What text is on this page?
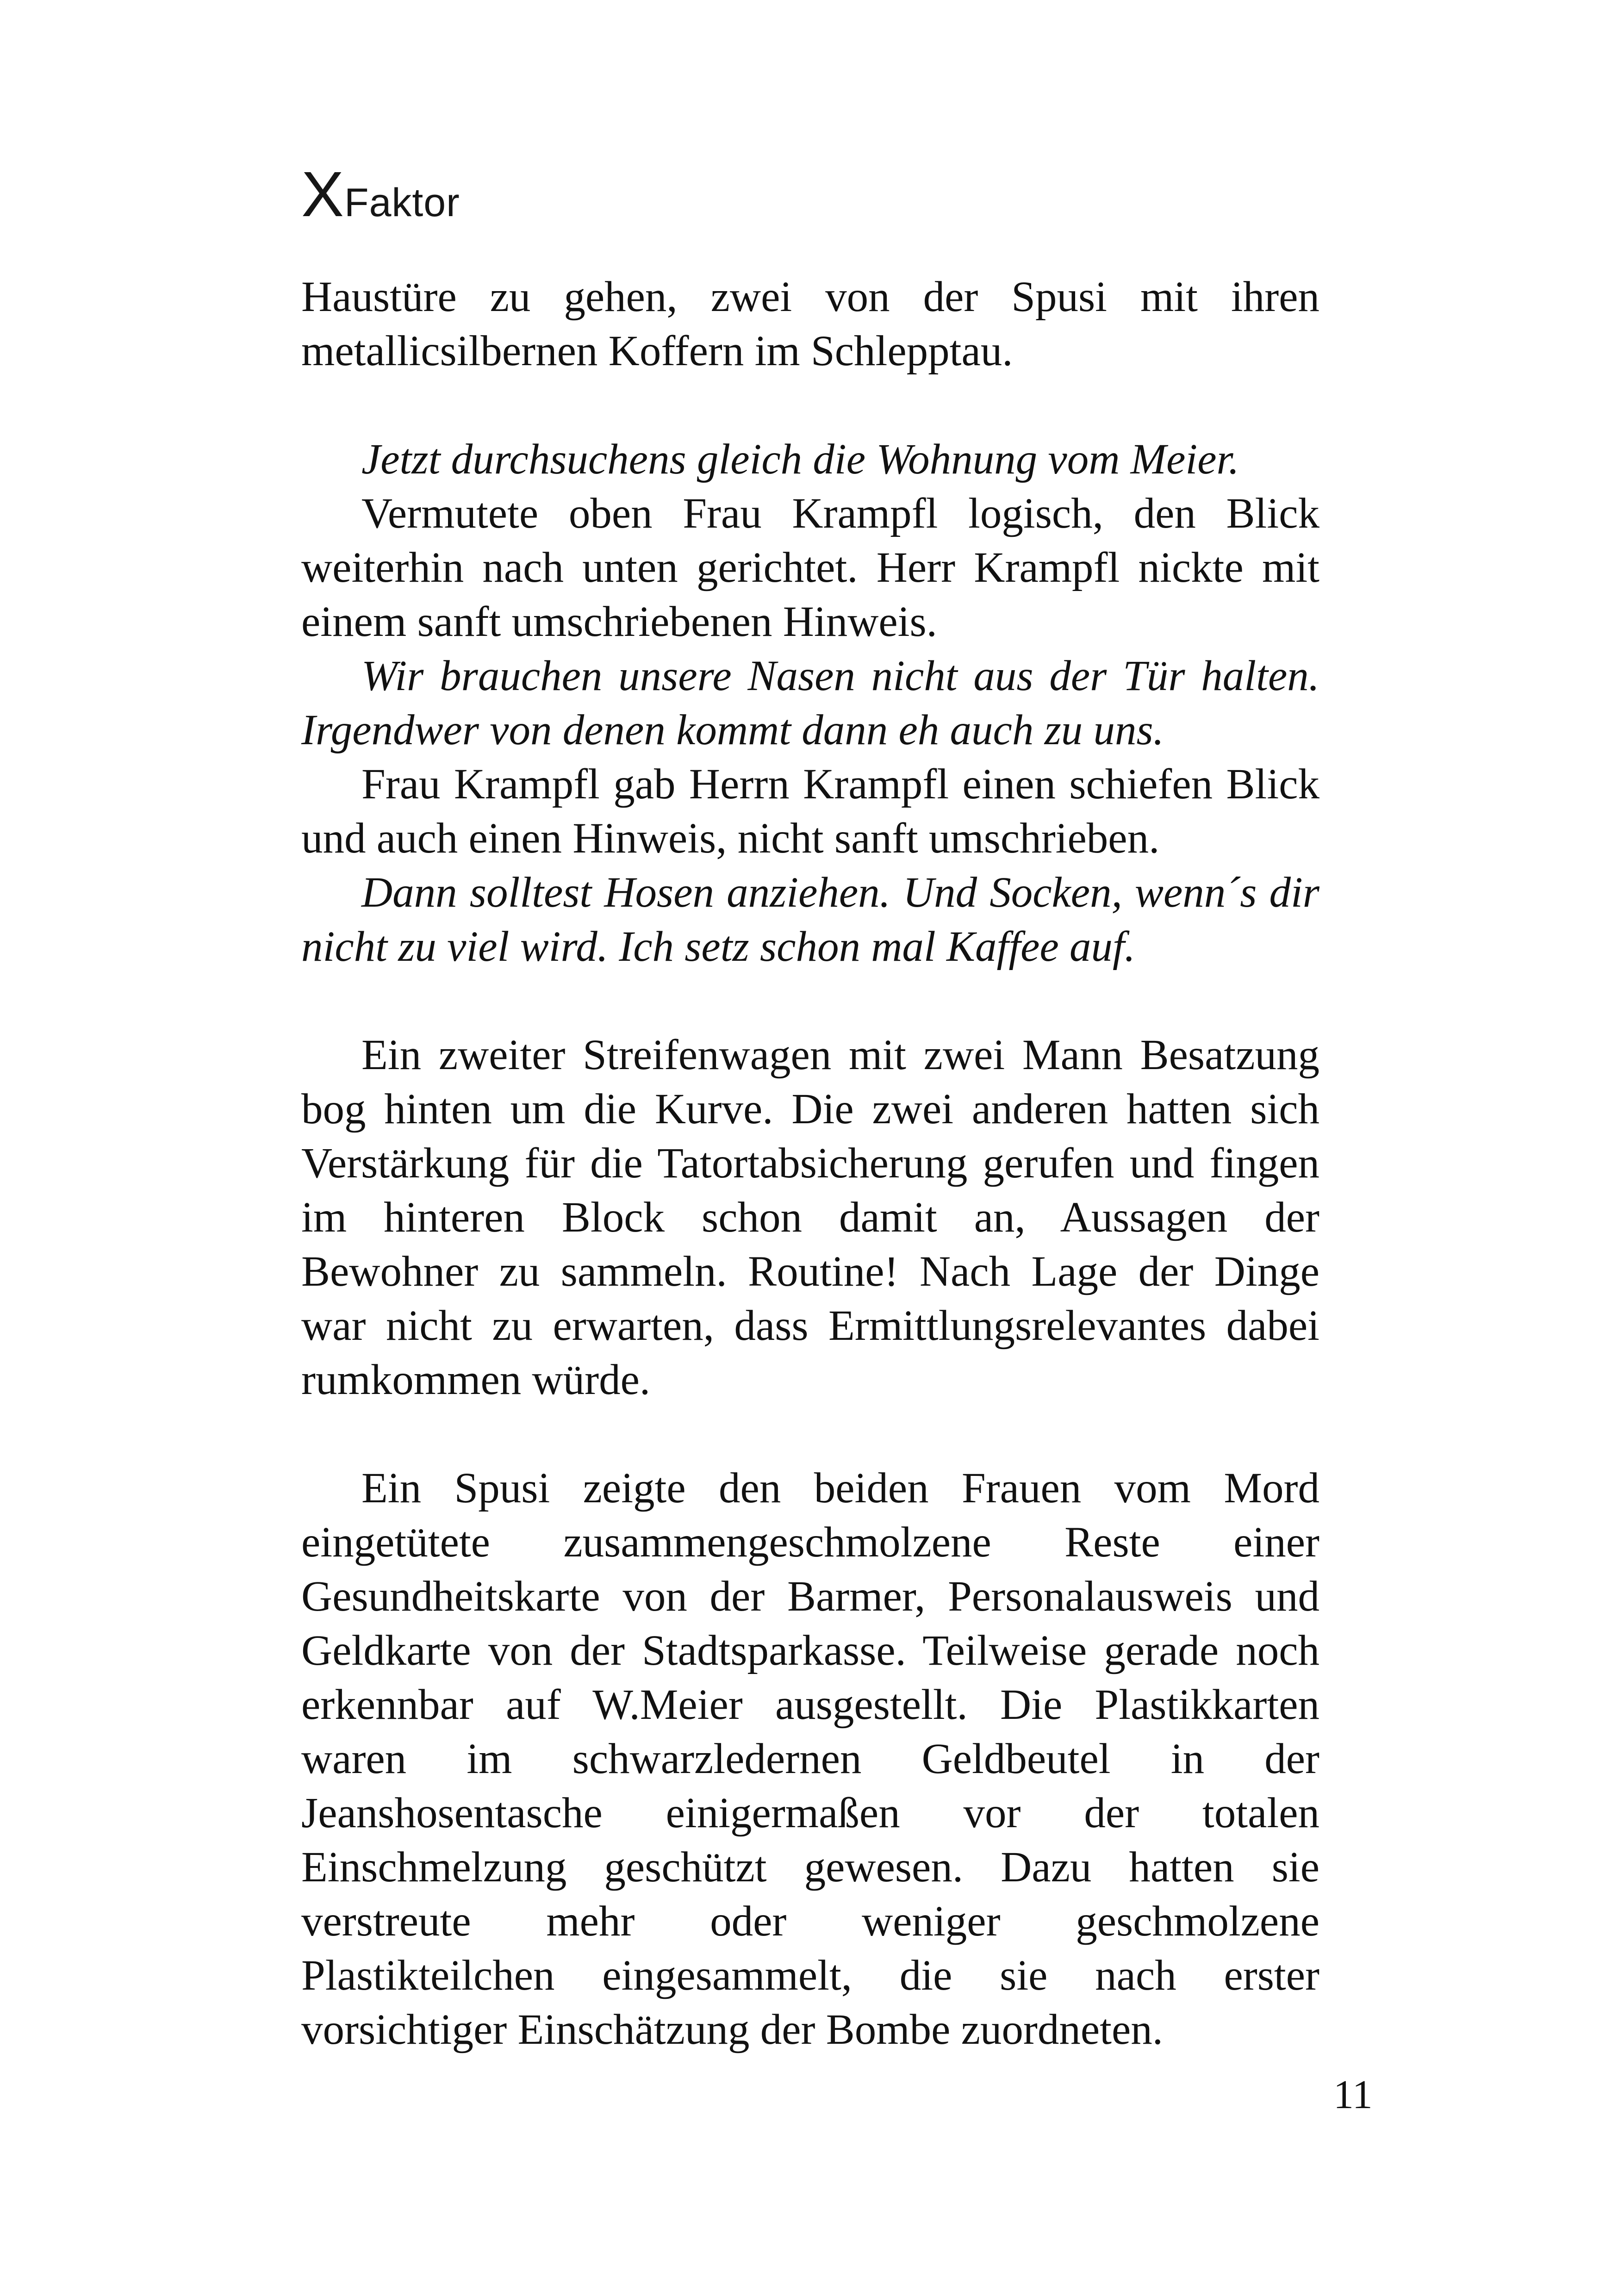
XFaktor

Haustüre zu gehen, zwei von der Spusi mit ihren metallicsilbernen Koffern im Schlepptau.

Jetzt durchsuchens gleich die Wohnung vom Meier.

Vermutete oben Frau Krampfl logisch, den Blick weiterhin nach unten gerichtet. Herr Krampfl nickte mit einem sanft umschriebenen Hinweis.

Wir brauchen unsere Nasen nicht aus der Tür halten. Irgendwer von denen kommt dann eh auch zu uns.

Frau Krampfl gab Herrn Krampfl einen schiefen Blick und auch einen Hinweis, nicht sanft umschrieben.

Dann solltest Hosen anziehen. Und Socken, wenn´s dir nicht zu viel wird. Ich setz schon mal Kaffee auf.

Ein zweiter Streifenwagen mit zwei Mann Besatzung bog hinten um die Kurve. Die zwei anderen hatten sich Verstärkung für die Tatortabsicherung gerufen und fingen im hinteren Block schon damit an, Aussagen der Bewohner zu sammeln. Routine! Nach Lage der Dinge war nicht zu erwarten, dass Ermittlungsrelevantes dabei rumkommen würde.

Ein Spusi zeigte den beiden Frauen vom Mord eingetütete zusammengeschmolzene Reste einer Gesundheitskarte von der Barmer, Personalausweis und Geldkarte von der Stadtsparkasse. Teilweise gerade noch erkennbar auf W.Meier ausgestellt. Die Plastikkarten waren im schwarzledernen Geldbeutel in der Jeanshosentasche einigermaßen vor der totalen Einschmelzung geschützt gewesen. Dazu hatten sie verstreute mehr oder weniger geschmolzene Plastikteilchen eingesammelt, die sie nach erster vorsichtiger Einschätzung der Bombe zuordneten.

11
